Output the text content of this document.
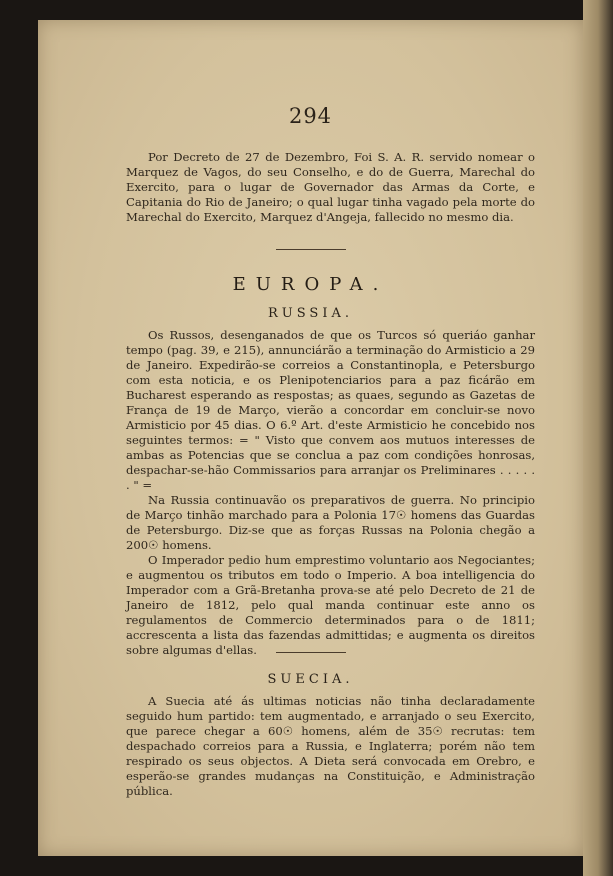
294

Por Decreto de 27 de Dezembro, Foi S. A. R. servido nomear o Marquez de Vagos, do seu Conselho, e do de Guerra, Marechal do Exercito, para o lugar de Governador das Armas da Corte, e Capitania do Rio de Janeiro; o qual lugar tinha vagado pela morte do Marechal do Exercito, Marquez d'Angeja, fallecido no mesmo dia.

EUROPA.
RUSSIA.

Os Russos, desenganados de que os Turcos só queriáo ganhar tempo (pag. 39, e 215), annunciárão a terminação do Armisticio a 29 de Janeiro. Expedirão-se correios a Constantinopla, e Petersburgo com esta noticia, e os Plenipotenciarios para a paz ficárão em Bucharest esperando as respostas; as quaes, segundo as Gazetas de França de 19 de Março, vierão a concordar em concluir-se novo Armisticio por 45 dias. O 6.º Art. d'este Armisticio he concebido nos seguintes termos: = " Visto que convem aos mutuos interesses de ambas as Potencias que se conclua a paz com condições honrosas, despachar-se-hão Commissarios para arranjar os Preliminares . . . . . . " =

Na Russia continuavão os preparativos de guerra. No principio de Março tinhão marchado para a Polonia 17☉ homens das Guardas de Petersburgo. Diz-se que as forças Russas na Polonia chegão a 200☉ homens.

O Imperador pedio hum emprestimo voluntario aos Negociantes; e augmentou os tributos em todo o Imperio. A boa intelligencia do Imperador com a Grã-Bretanha prova-se até pelo Decreto de 21 de Janeiro de 1812, pelo qual manda continuar este anno os regulamentos de Commercio determinados para o de 1811; accrescenta a lista das fazendas admittidas; e augmenta os direitos sobre algumas d'ellas.

SUECIA.

A Suecia até ás ultimas noticias não tinha declaradamente seguido hum partido: tem augmentado, e arranjado o seu Exercito, que parece chegar a 60☉ homens, além de 35☉ recrutas: tem despachado correios para a Russia, e Inglaterra; porém não tem respirado os seus objectos. A Dieta será convocada em Orebro, e esperão-se grandes mudanças na Constituição, e Administração pública.
